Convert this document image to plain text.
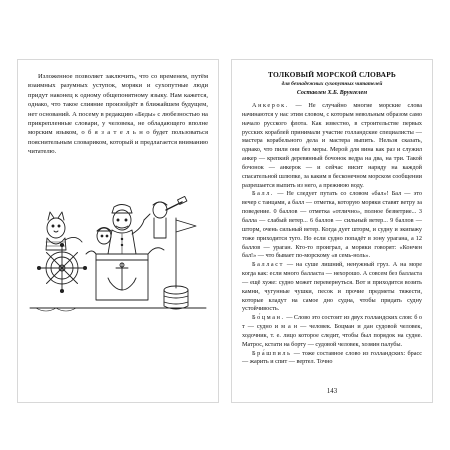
Изложенное позволяет заключить, что со временем, путём взаимных разумных уступок, моряки и сухопутные люди придут наконец к одному общепонятному языку. Нам кажется, однако, что такое слияние произойдёт в ближайшем будущем, нет оснований. А посему в редакцию «Беды» с любезностью на прикрепленные словари, у человека, не обладающего вполне морским языком, о б я з а т е л ь н о будет пользоваться пояснительным словариком, который и предлагается вниманию читателю.

ТОЛКОВЫЙ МОРСКОЙ СЛОВАРЬ
для безнадежных сухопутных читателей
Составлен Х.Б. Врунгелем

Анкерок. — Не случайно многие морские слова начинаются у нас этим словом, с которым невольным образом само начало русского флота. Как известно, в строительстве первых русских кораблей принимали участие голландские специалисты — мастера корабельного дела и мастера выпить. Нельзя сказать, однако, что пили они без меры. Мерой для вина как раз и служил анкер — крепкий деревянный бочонок ведра на два, на три. Такой бочонок — анкерок — и сейчас висит наряду на каждой спасательной шлюпке, за каким в бесконечном морском сообщении разрешается выпить из него, а прежнюю воду.

Балл. — Не следует путать со словом «бал»! Бал — это вечер с танцами, а балл — отметка, которую моряки ставят ветру за поведение. 0 баллов — отметка «отлично», полное безветрие... 3 балла — слабый ветер... 6 баллов — сильный ветер... 9 баллов — шторм, очень сильный ветер. Когда дует шторм, и судну и экипажу тоже приходится туго. Но если судно попадёт в зону урагана, а 12 баллов — ураган. Кто-то проиграл, а моряки говорят: «Кончен бал!» — что бывает по-морскому «в семь-ноль».

Балласт — на суше лишний, ненужный груз. А на море когда как: если много балласта — нехорошо. А совсем без балласта — ещё хуже: судно может перевернуться. Вот и приходится возить камни, чугунные чушки, песок и прочие предметы тяжести, которые кладут на самое дно судна, чтобы придать судну устойчивость.

Бо́цман. — Слово это состоит из двух голландских слов: б о т — судно и м а н — человек. Боцман и дан судовой человек, ходочник, т. е. лицо которое следит, чтобы был порядок на судне. Матрос, кстати на борту — судовой человек, хозяин палубы.

Бра́шпиль — тоже составное слово из голландских: брасс — жарить и спит — вертел. Точно

143
